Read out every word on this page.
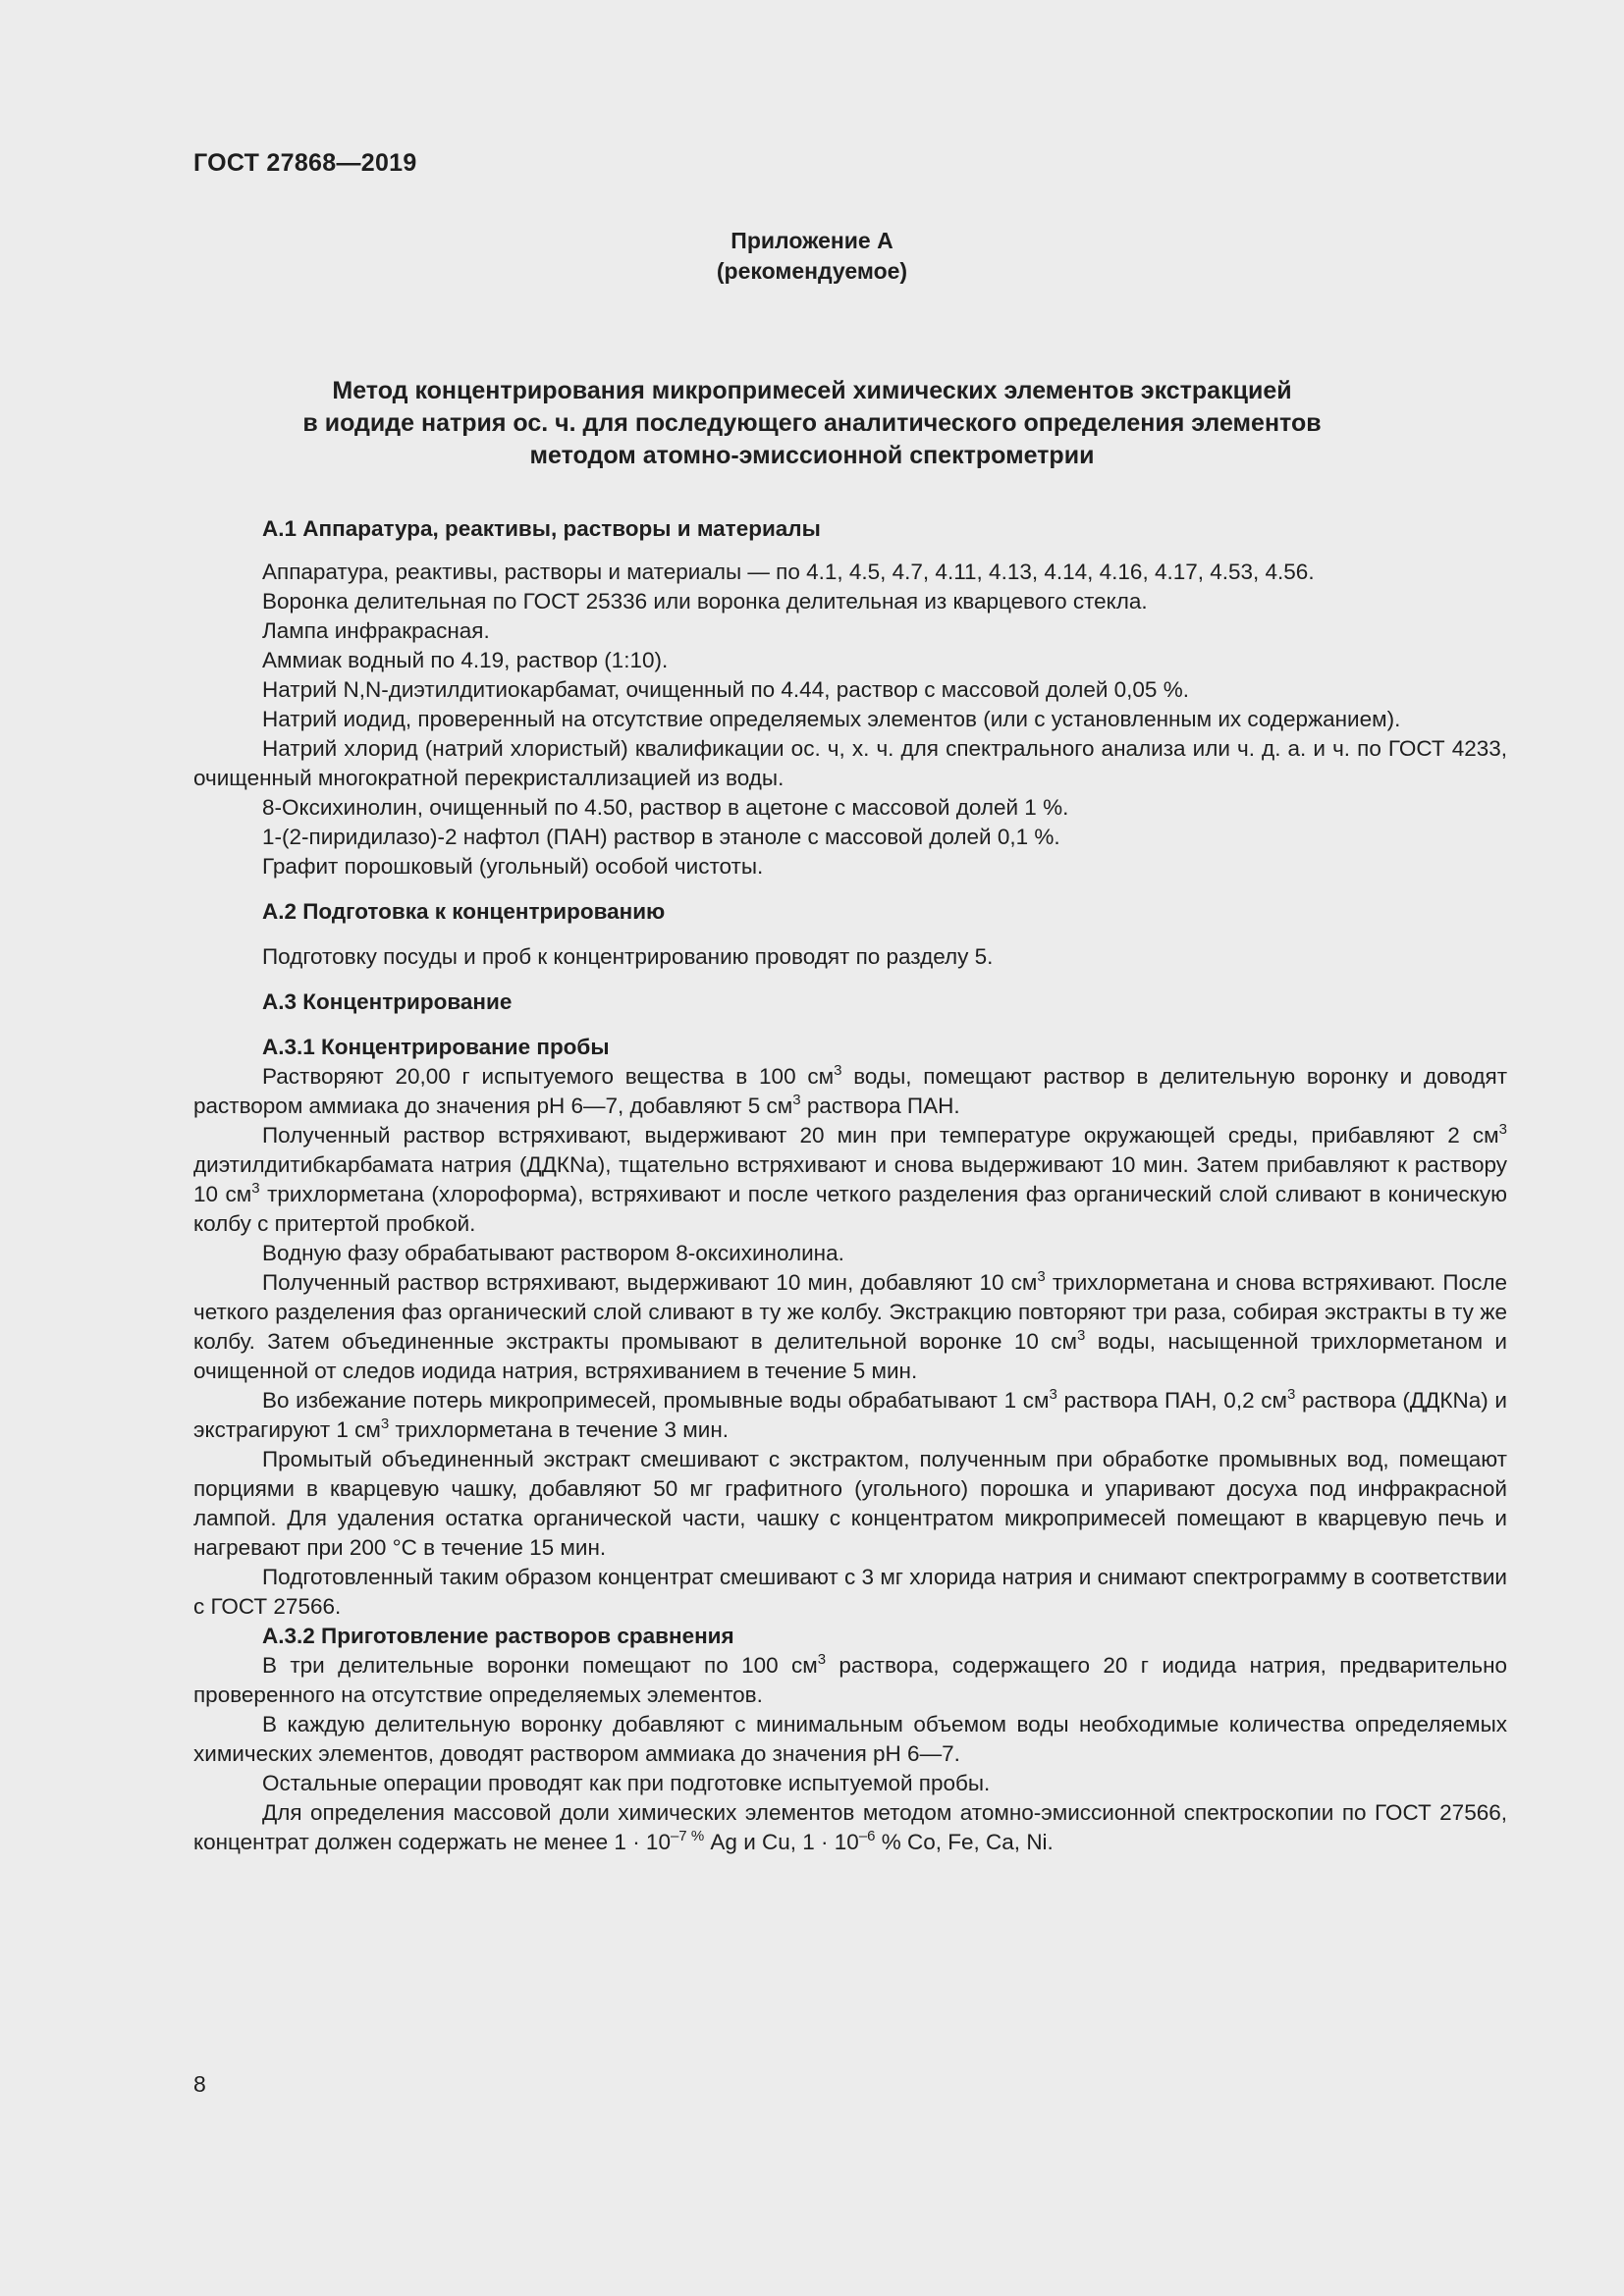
ГОСТ 27868—2019
Приложение А
(рекомендуемое)
Метод концентрирования микропримесей химических элементов экстракцией
в иодиде натрия ос. ч. для последующего аналитического определения элементов
методом атомно-эмиссионной спектрометрии

А.1 Аппаратура, реактивы, растворы и материалы

Аппаратура, реактивы, растворы и материалы — по 4.1, 4.5, 4.7, 4.11, 4.13, 4.14, 4.16, 4.17, 4.53, 4.56.

Воронка делительная по ГОСТ 25336 или воронка делительная из кварцевого стекла.

Лампа инфракрасная.

Аммиак водный по 4.19, раствор (1:10).

Натрий N,N-диэтилдитиокарбамат, очищенный по 4.44, раствор с массовой долей 0,05 %.

Натрий иодид, проверенный на отсутствие определяемых элементов (или с установленным их содержанием).

Натрий хлорид (натрий хлористый) квалификации ос. ч, х. ч. для спектрального анализа или ч. д. а. и ч. по ГОСТ 4233, очищенный многократной перекристаллизацией из воды.

8-Оксихинолин, очищенный по 4.50, раствор в ацетоне с массовой долей 1 %.

1-(2-пиридилазо)-2 нафтол (ПАН) раствор в этаноле с массовой долей 0,1 %.

Графит порошковый (угольный) особой чистоты.

А.2 Подготовка к концентрированию

Подготовку посуды и проб к концентрированию проводят по разделу 5.

А.3 Концентрирование

А.3.1 Концентрирование пробы

Растворяют 20,00 г испытуемого вещества в 100 $см^3$ воды, помещают раствор в делительную воронку и доводят раствором аммиака до значения pH 6—7, добавляют 5 $см^3$ раствора ПАН.

Полученный раствор встряхивают, выдерживают 20 мин при температуре окружающей среды, прибавляют 2 $см^3$ диэтилдитибкарбамата натрия (ДДКNa), тщательно встряхивают и снова выдерживают 10 мин. Затем прибавляют к раствору 10 $см^3$ трихлорметана (хлороформа), встряхивают и после четкого разделения фаз органический слой сливают в коническую колбу с притертой пробкой.

Водную фазу обрабатывают раствором 8-оксихинолина.

Полученный раствор встряхивают, выдерживают 10 мин, добавляют 10 $см^3$ трихлорметана и снова встряхивают. После четкого разделения фаз органический слой сливают в ту же колбу. Экстракцию повторяют три раза, собирая экстракты в ту же колбу. Затем объединенные экстракты промывают в делительной воронке 10 $см^3$ воды, насыщенной трихлорметаном и очищенной от следов иодида натрия, встряхиванием в течение 5 мин.

Во избежание потерь микропримесей, промывные воды обрабатывают 1 $см^3$ раствора ПАН, 0,2 $см^3$ раствора (ДДКNa) и экстрагируют 1 $см^3$ трихлорметана в течение 3 мин.

Промытый объединенный экстракт смешивают с экстрактом, полученным при обработке промывных вод, помещают порциями в кварцевую чашку, добавляют 50 мг графитного (угольного) порошка и упаривают досуха под инфракрасной лампой. Для удаления остатка органической части, чашку с концентратом микропримесей помещают в кварцевую печь и нагревают при 200 °С в течение 15 мин.

Подготовленный таким образом концентрат смешивают с 3 мг хлорида натрия и снимают спектрограмму в соответствии с ГОСТ 27566.

А.3.2 Приготовление растворов сравнения

В три делительные воронки помещают по 100 $см^3$ раствора, содержащего 20 г иодида натрия, предварительно проверенного на отсутствие определяемых элементов.

В каждую делительную воронку добавляют с минимальным объемом воды необходимые количества определяемых химических элементов, доводят раствором аммиака до значения pH 6—7.

Остальные операции проводят как при подготовке испытуемой пробы.

Для определения массовой доли химических элементов методом атомно-эмиссионной спектроскопии по ГОСТ 27566, концентрат должен содержать не менее $1 \cdot 10^{-7 \%}$ Ag и Cu, $1 \cdot 10^{-6}$ % Co, Fe, Ca, Ni.

8
